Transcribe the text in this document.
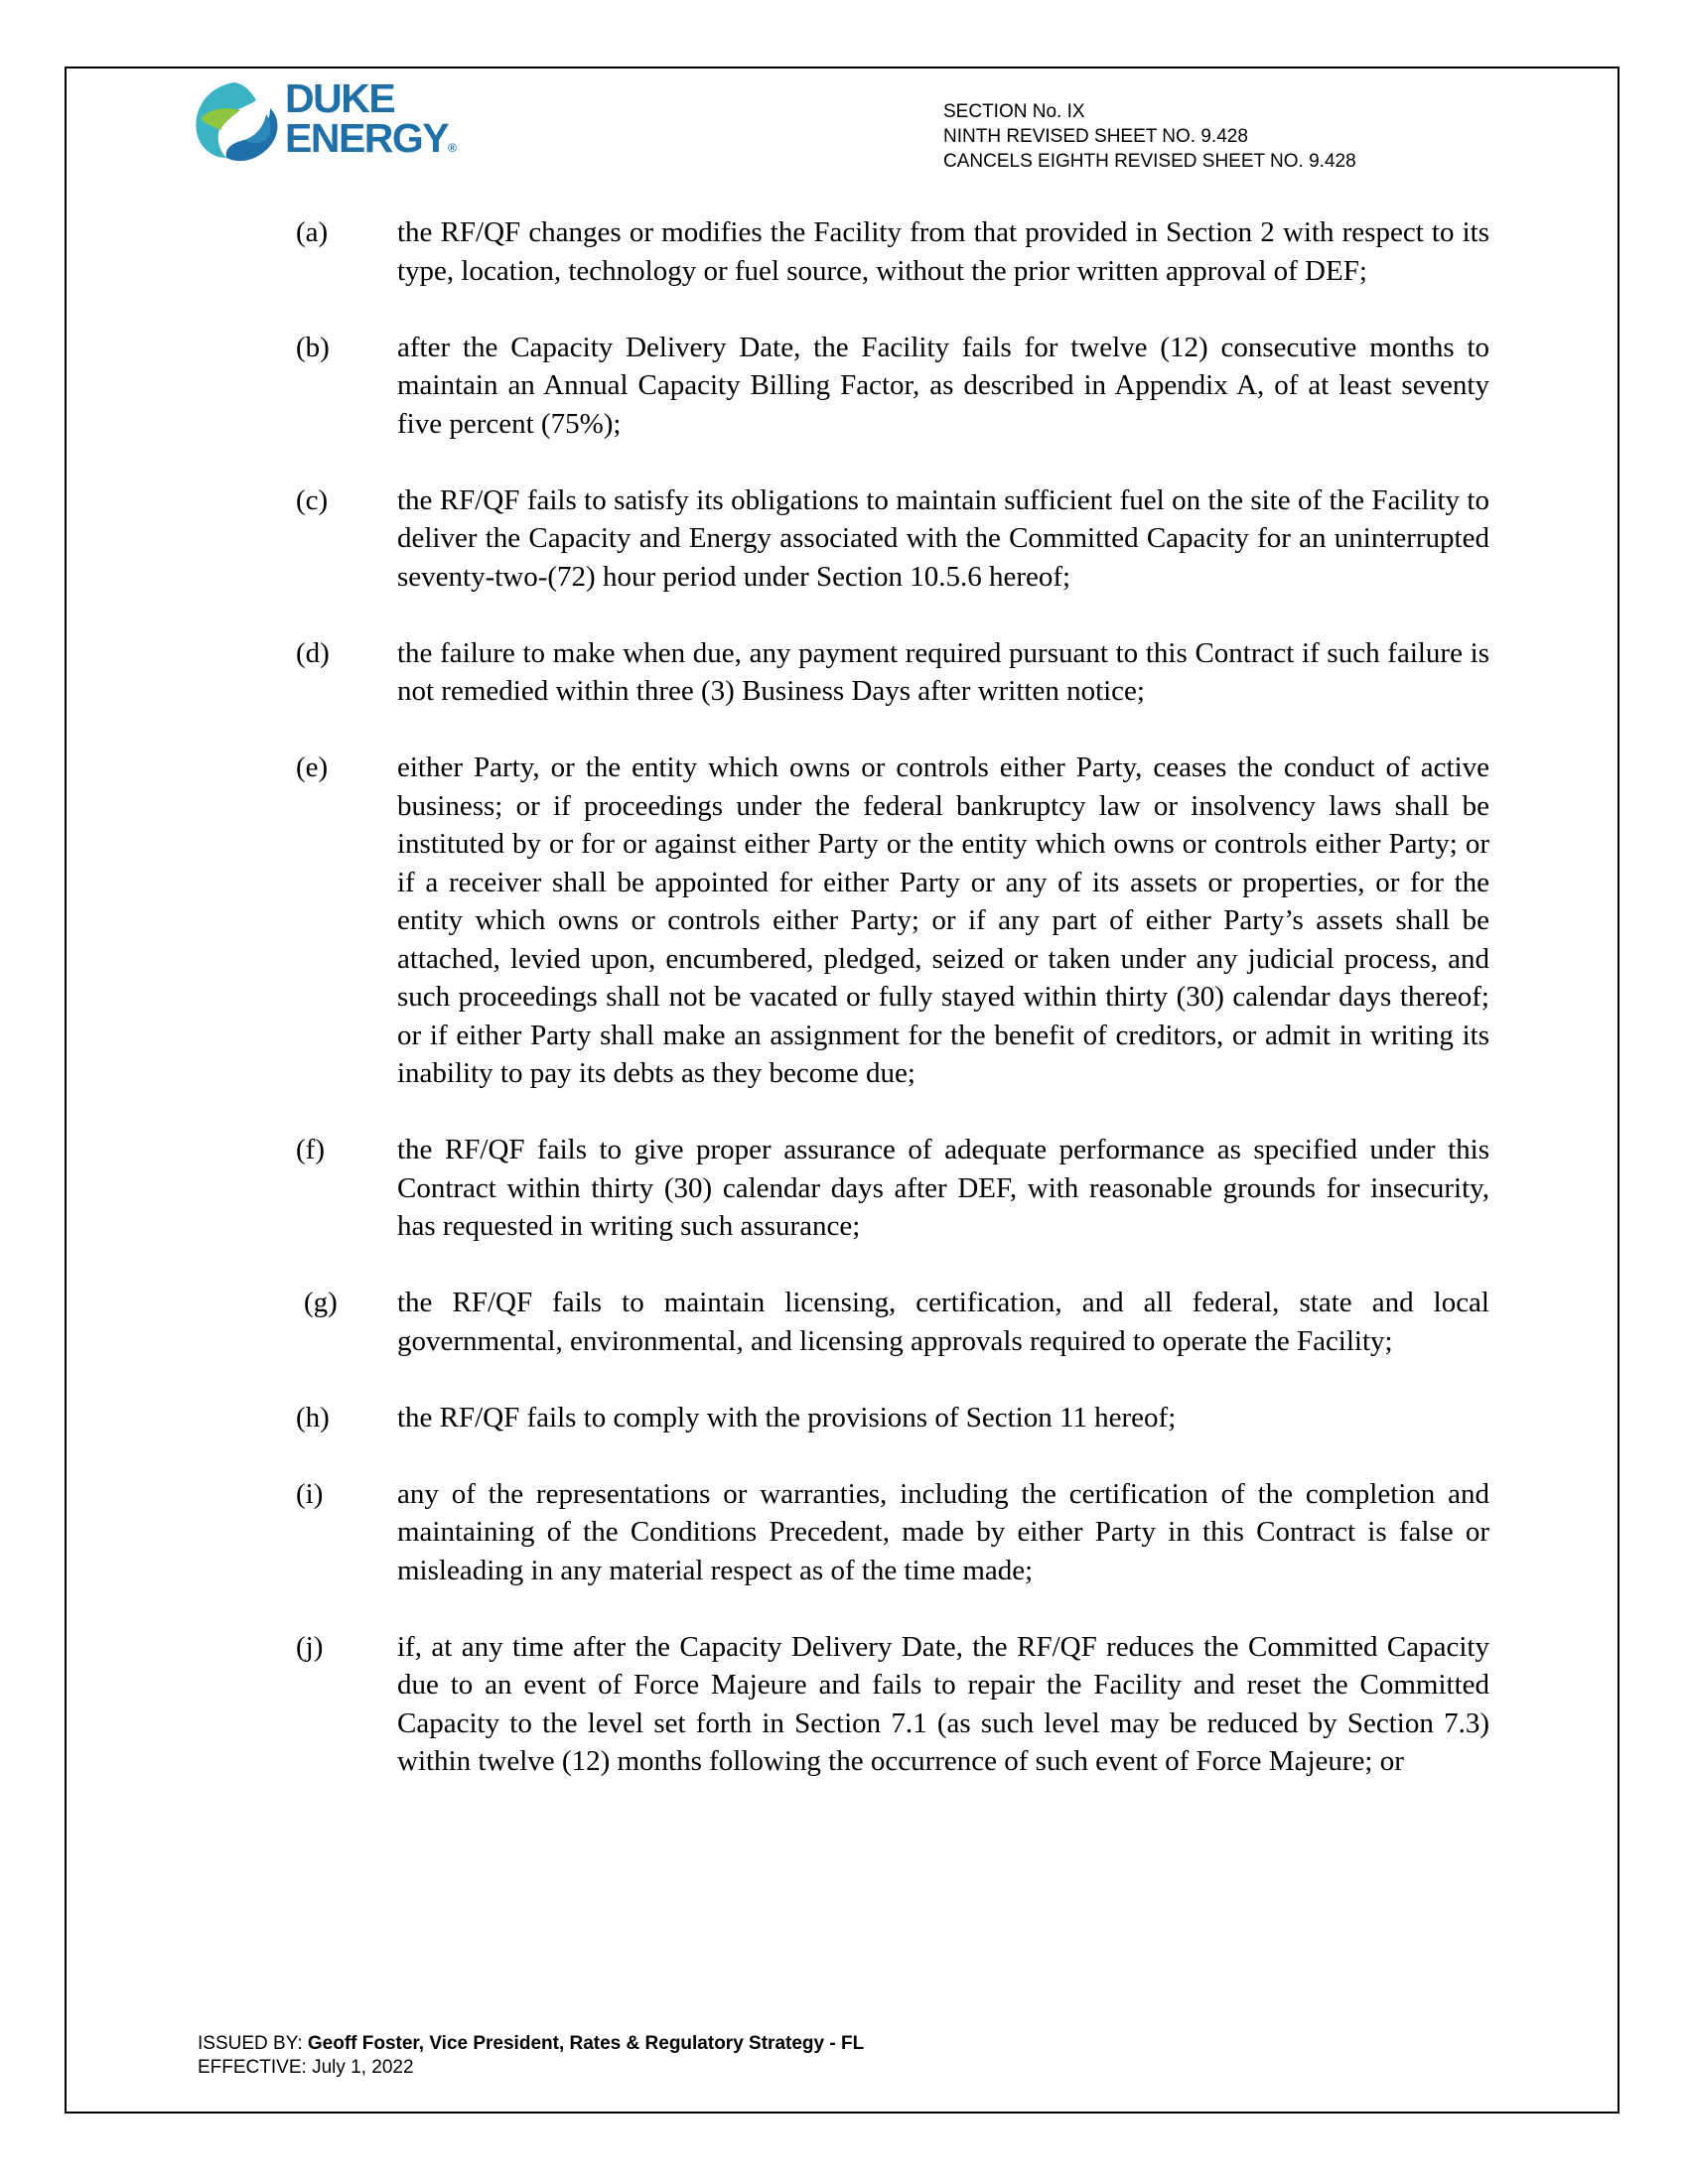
DUKE
ENERGY®
SECTION No. IX
NINTH REVISED SHEET NO. 9.428
CANCELS EIGHTH REVISED SHEET NO. 9.428
(a) the RF/QF changes or modifies the Facility from that provided in Section 2 with respect to its type, location, technology or fuel source, without the prior written approval of DEF;
(b) after the Capacity Delivery Date, the Facility fails for twelve (12) consecutive months to maintain an Annual Capacity Billing Factor, as described in Appendix A, of at least seventy five percent (75%);
(c) the RF/QF fails to satisfy its obligations to maintain sufficient fuel on the site of the Facility to deliver the Capacity and Energy associated with the Committed Capacity for an uninterrupted seventy-two-(72) hour period under Section 10.5.6 hereof;
(d) the failure to make when due, any payment required pursuant to this Contract if such failure is not remedied within three (3) Business Days after written notice;
(e) either Party, or the entity which owns or controls either Party, ceases the conduct of active business; or if proceedings under the federal bankruptcy law or insolvency laws shall be instituted by or for or against either Party or the entity which owns or controls either Party; or if a receiver shall be appointed for either Party or any of its assets or properties, or for the entity which owns or controls either Party; or if any part of either Party’s assets shall be attached, levied upon, encumbered, pledged, seized or taken under any judicial process, and such proceedings shall not be vacated or fully stayed within thirty (30) calendar days thereof; or if either Party shall make an assignment for the benefit of creditors, or admit in writing its inability to pay its debts as they become due;
(f)	the RF/QF fails to give proper assurance of adequate performance as specified under this Contract within thirty (30) calendar days after DEF, with reasonable grounds for insecurity, has requested in writing such assurance;
(g) the RF/QF fails to maintain licensing, certification, and all federal, state and local governmental, environmental, and licensing approvals required to operate the Facility;
(h) the RF/QF fails to comply with the provisions of Section 11 hereof;
(i)	any of the representations or warranties, including the certification of the completion and maintaining of the Conditions Precedent, made by either Party in this Contract is false or misleading in any material respect as of the time made;
(j)	if, at any time after the Capacity Delivery Date, the RF/QF reduces the Committed Capacity due to an event of Force Majeure and fails to repair the Facility and reset the Committed Capacity to the level set forth in Section 7.1 (as such level may be reduced by Section 7.3) within twelve (12) months following the occurrence of such event of Force Majeure; or
ISSUED BY: Geoff Foster, Vice President, Rates & Regulatory Strategy - FL
EFFECTIVE: July 1, 2022
